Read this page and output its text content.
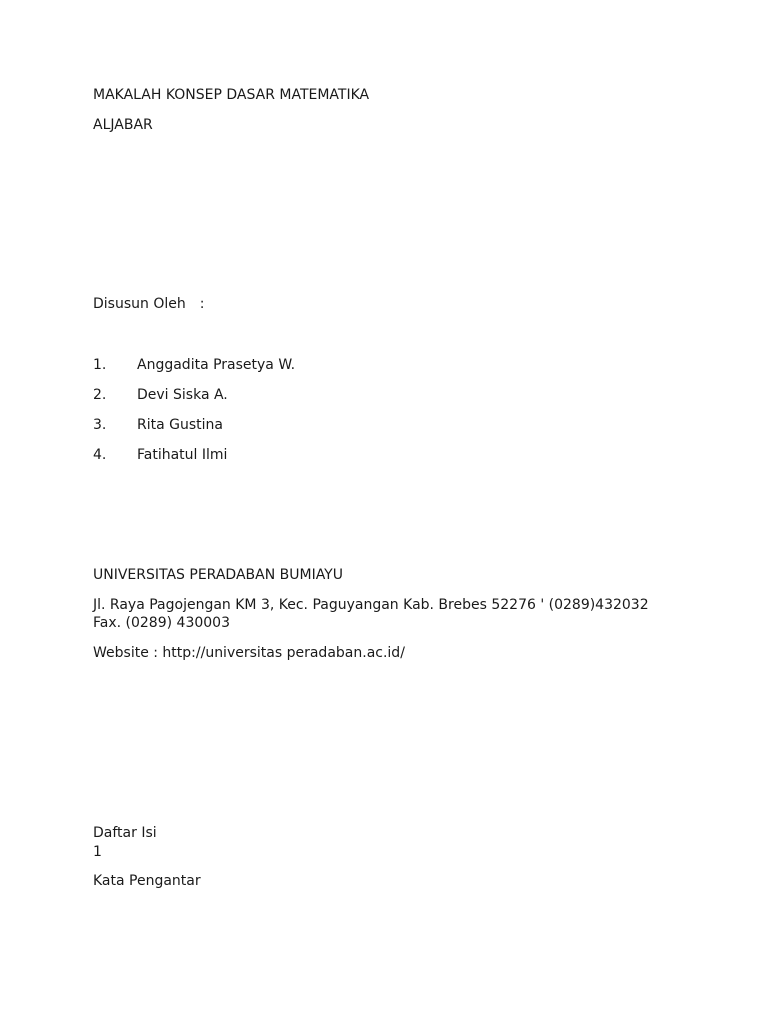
MAKALAH KONSEP DASAR MATEMATIKA
ALJABAR
Disusun Oleh :
1. Anggadita Prasetya W.
2. Devi Siska A.
3. Rita Gustina
4. Fatihatul Ilmi
UNIVERSITAS PERADABAN BUMIAYU
Jl. Raya Pagojengan KM 3, Kec. Paguyangan Kab. Brebes 52276 ' (0289)432032
Fax. (0289) 430003
Website : http://universitas peradaban.ac.id/
Daftar Isi
1
Kata Pengantar
